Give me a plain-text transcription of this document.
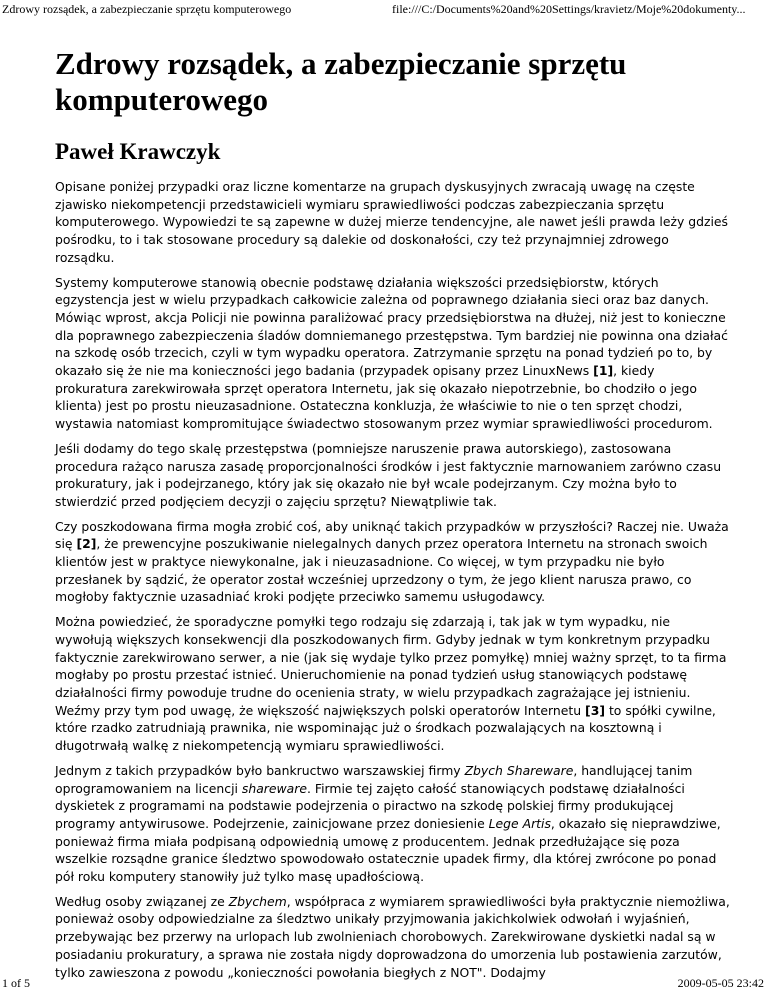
Zdrowy rozsądek, a zabezpieczanie sprzętu komputerowego	file:///C:/Documents%20and%20Settings/kravietz/Moje%20dokumenty...
Zdrowy rozsądek, a zabezpieczanie sprzętu komputerowego
Paweł Krawczyk

Opisane poniżej przypadki oraz liczne komentarze na grupach dyskusyjnych zwracają uwagę na częste zjawisko niekompetencji przedstawicieli wymiaru sprawiedliwości podczas zabezpieczania sprzętu komputerowego. Wypowiedzi te są zapewne w dużej mierze tendencyjne, ale nawet jeśli prawda leży gdzieś pośrodku, to i tak stosowane procedury są dalekie od doskonałości, czy też przynajmniej zdrowego rozsądku.

Systemy komputerowe stanowią obecnie podstawę działania większości przedsiębiorstw, których egzystencja jest w wielu przypadkach całkowicie zależna od poprawnego działania sieci oraz baz danych. Mówiąc wprost, akcja Policji nie powinna paraliżować pracy przedsiębiorstwa na dłużej, niż jest to konieczne dla poprawnego zabezpieczenia śladów domniemanego przestępstwa. Tym bardziej nie powinna ona działać na szkodę osób trzecich, czyli w tym wypadku operatora. Zatrzymanie sprzętu na ponad tydzień po to, by okazało się że nie ma konieczności jego badania (przypadek opisany przez LinuxNews [1], kiedy prokuratura zarekwirowała sprzęt operatora Internetu, jak się okazało niepotrzebnie, bo chodziło o jego klienta) jest po prostu nieuzasadnione. Ostateczna konkluzja, że właściwie to nie o ten sprzęt chodzi, wystawia natomiast kompromitujące świadectwo stosowanym przez wymiar sprawiedliwości procedurom.

Jeśli dodamy do tego skalę przestępstwa (pomniejsze naruszenie prawa autorskiego), zastosowana procedura rażąco narusza zasadę proporcjonalności środków i jest faktycznie marnowaniem zarówno czasu prokuratury, jak i podejrzanego, który jak się okazało nie był wcale podejrzanym. Czy można było to stwierdzić przed podjęciem decyzji o zajęciu sprzętu? Niewątpliwie tak.

Czy poszkodowana firma mogła zrobić coś, aby uniknąć takich przypadków w przyszłości? Raczej nie. Uważa się [2], że prewencyjne poszukiwanie nielegalnych danych przez operatora Internetu na stronach swoich klientów jest w praktyce niewykonalne, jak i nieuzasadnione. Co więcej, w tym przypadku nie było przesłanek by sądzić, że operator został wcześniej uprzedzony o tym, że jego klient narusza prawo, co mogłoby faktycznie uzasadniać kroki podjęte przeciwko samemu usługodawcy.

Można powiedzieć, że sporadyczne pomyłki tego rodzaju się zdarzają i, tak jak w tym wypadku, nie wywołują większych konsekwencji dla poszkodowanych firm. Gdyby jednak w tym konkretnym przypadku faktycznie zarekwirowano serwer, a nie (jak się wydaje tylko przez pomyłkę) mniej ważny sprzęt, to ta firma mogłaby po prostu przestać istnieć. Unieruchomienie na ponad tydzień usług stanowiących podstawę działalności firmy powoduje trudne do ocenienia straty, w wielu przypadkach zagrażające jej istnieniu. Weźmy przy tym pod uwagę, że większość największych polski operatorów Internetu [3] to spółki cywilne, które rzadko zatrudniają prawnika, nie wspominając już o środkach pozwalających na kosztowną i długotrwałą walkę z niekompetencją wymiaru sprawiedliwości.

Jednym z takich przypadków było bankructwo warszawskiej firmy Zbych Shareware, handlującej tanim oprogramowaniem na licencji shareware. Firmie tej zajęto całość stanowiących podstawę działalności dyskietek z programami na podstawie podejrzenia o piractwo na szkodę polskiej firmy produkującej programy antywirusowe. Podejrzenie, zainicjowane przez doniesienie Lege Artis, okazało się nieprawdziwe, ponieważ firma miała podpisaną odpowiednią umowę z producentem. Jednak przedłużające się poza wszelkie rozsądne granice śledztwo spowodowało ostatecznie upadek firmy, dla której zwrócone po ponad pół roku komputery stanowiły już tylko masę upadłościową.

Według osoby związanej ze Zbychem, współpraca z wymiarem sprawiedliwości była praktycznie niemożliwa, ponieważ osoby odpowiedzialne za śledztwo unikały przyjmowania jakichkolwiek odwołań i wyjaśnień, przebywając bez przerwy na urlopach lub zwolnieniach chorobowych. Zarekwirowane dyskietki nadal są w posiadaniu prokuratury, a sprawa nie została nigdy doprowadzona do umorzenia lub postawienia zarzutów, tylko zawieszona z powodu „konieczności powołania biegłych z NOT". Dodajmy

1 of 5	2009-05-05 23:42
